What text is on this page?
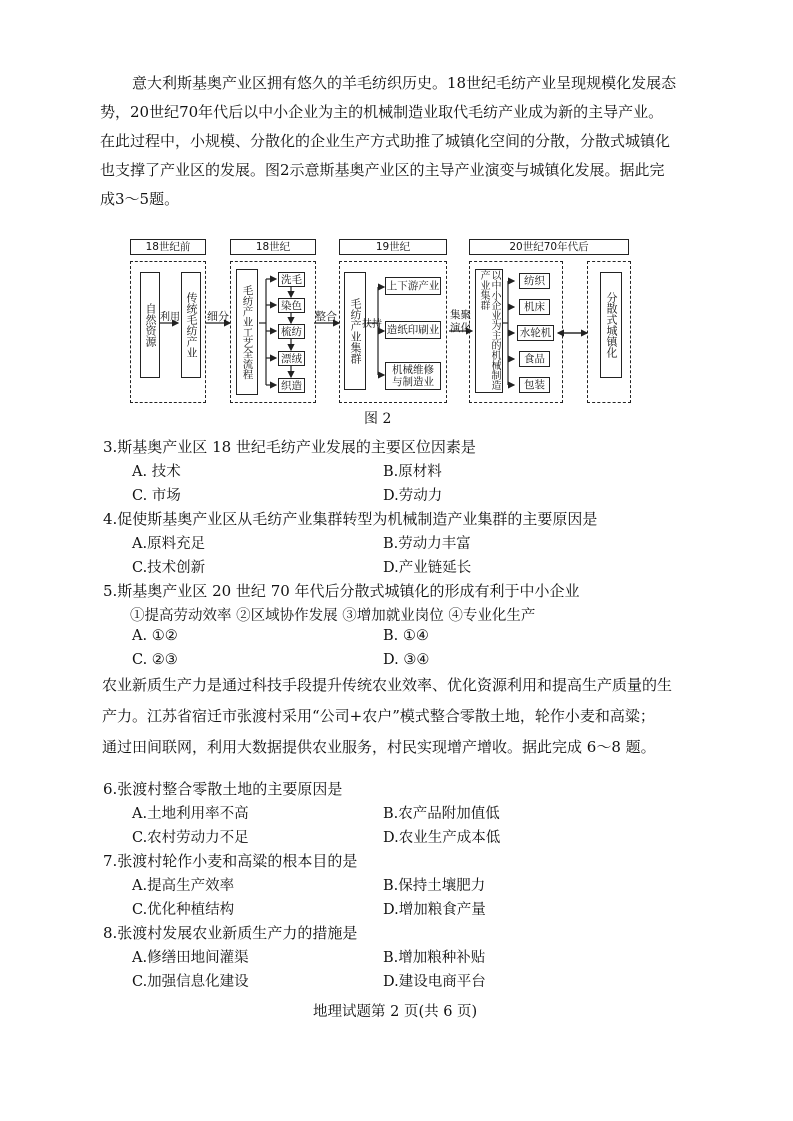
意大利斯基奥产业区拥有悠久的羊毛纺织历史。18世纪毛纺产业呈现规模化发展态
势，20世纪70年代后以中小企业为主的机械制造业取代毛纺产业成为新的主导产业。
在此过程中，小规模、分散化的企业生产方式助推了城镇化空间的分散，分散式城镇化
也支撑了产业区的发展。图2示意斯基奥产业区的主导产业演变与城镇化发展。据此完
成3～5题。
18世纪前	18世纪	19世纪	20世纪70年代后
自然资源 利用 传统毛纺产业 细分	毛纺产业工艺全流程
洗毛
染色
梳纺
漂绒
织造
整合	毛纺产业集群 扶持
上下游产业
造纸印刷业
机械维修与制造业
集聚演化	以中小企业为主的机械制造产业集群	纺织
机床
水轮机
食品
包装
分散式城镇化
图 2
3.斯基奥产业区 18 世纪毛纺产业发展的主要区位因素是
A. 技术	B.原材料
C. 市场	D.劳动力
4.促使斯基奥产业区从毛纺产业集群转型为机械制造产业集群的主要原因是
A.原料充足	B.劳动力丰富
C.技术创新	D.产业链延长
5.斯基奥产业区 20 世纪 70 年代后分散式城镇化的形成有利于中小企业
①提高劳动效率 ②区域协作发展 ③增加就业岗位 ④专业化生产
A. ①②	B. ①④
C. ②③	D. ③④
农业新质生产力是通过科技手段提升传统农业效率、优化资源利用和提高生产质量的生
产力。江苏省宿迁市张渡村采用“公司+农户”模式整合零散土地，轮作小麦和高粱；
通过田间联网，利用大数据提供农业服务，村民实现增产增收。据此完成 6～8 题。
6.张渡村整合零散土地的主要原因是
A.土地利用率不高	B.农产品附加值低
C.农村劳动力不足	D.农业生产成本低
7.张渡村轮作小麦和高粱的根本目的是
A.提高生产效率	B.保持土壤肥力
C.优化种植结构	D.增加粮食产量
8.张渡村发展农业新质生产力的措施是
A.修缮田地间灌渠	B.增加粮种补贴
C.加强信息化建设	D.建设电商平台
地理试题第 2 页(共 6 页)
